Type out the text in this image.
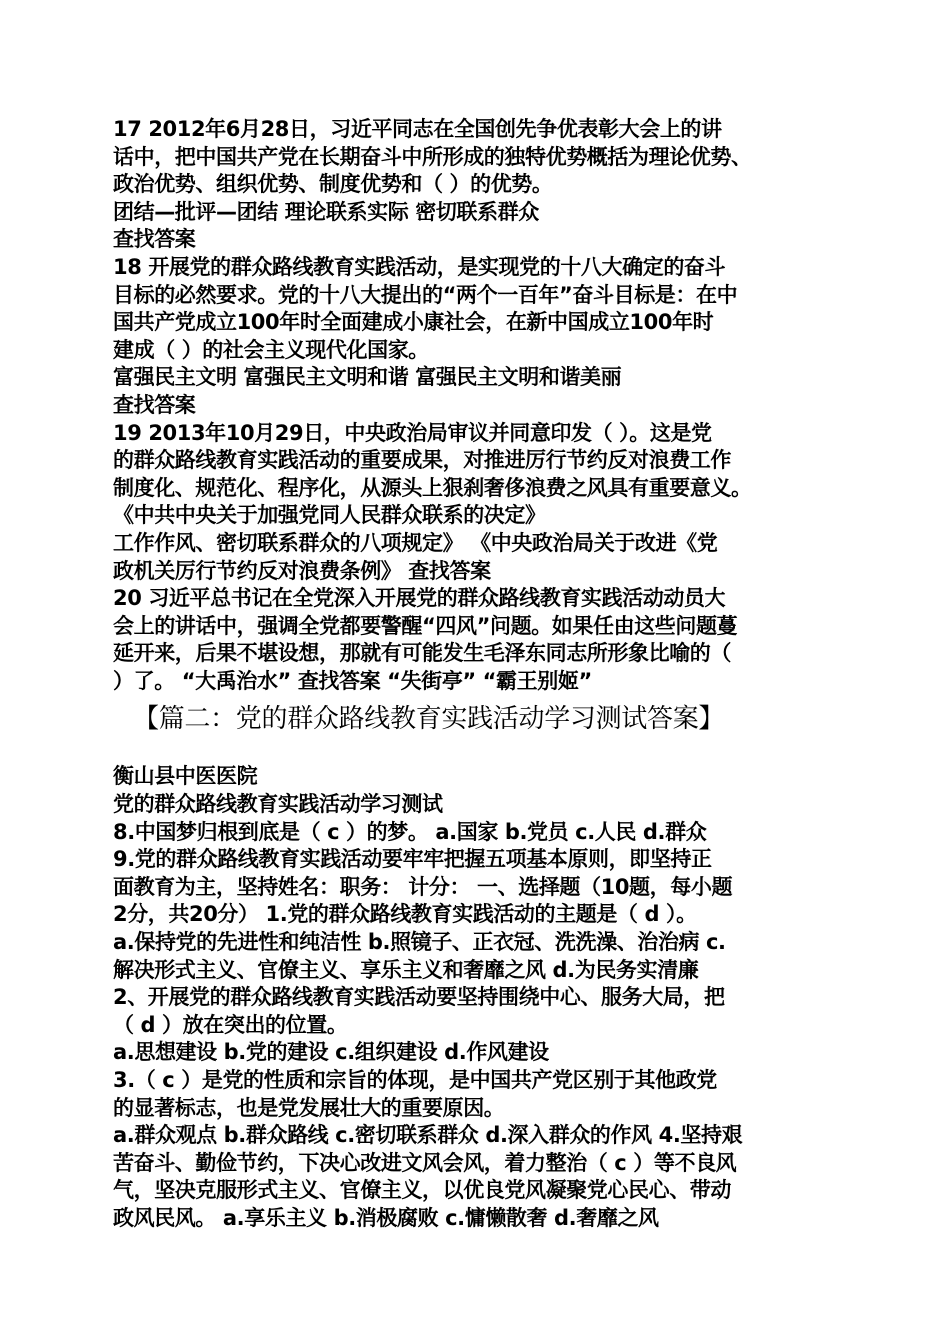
17 2012年6月28日，习近平同志在全国创先争优表彰大会上的讲
话中，把中国共产党在长期奋斗中所形成的独特优势概括为理论优势、
政治优势、组织优势、制度优势和（ ）的优势。
团结—批评—团结 理论联系实际 密切联系群众
查找答案
18 开展党的群众路线教育实践活动，是实现党的十八大确定的奋斗
目标的必然要求。党的十八大提出的“两个一百年”奋斗目标是：在中
国共产党成立100年时全面建成小康社会，在新中国成立100年时
建成（ ）的社会主义现代化国家。
富强民主文明 富强民主文明和谐 富强民主文明和谐美丽
查找答案
19 2013年10月29日，中央政治局审议并同意印发（ ）。这是党
的群众路线教育实践活动的重要成果，对推进厉行节约反对浪费工作
制度化、规范化、程序化，从源头上狠刹奢侈浪费之风具有重要意义。
《中共中央关于加强党同人民群众联系的决定》
工作作风、密切联系群众的八项规定》 《中央政治局关于改进《党
政机关厉行节约反对浪费条例》 查找答案
20 习近平总书记在全党深入开展党的群众路线教育实践活动动员大
会上的讲话中，强调全党都要警醒“四风”问题。如果任由这些问题蔓
延开来，后果不堪设想，那就有可能发生毛泽东同志所形象比喻的（
）了。 “大禹治水” 查找答案 “失街亭” “霸王别姬”
【篇二：党的群众路线教育实践活动学习测试答案】
衡山县中医医院
党的群众路线教育实践活动学习测试
8.中国梦归根到底是（ c ）的梦。 a.国家 b.党员 c.人民 d.群众
9.党的群众路线教育实践活动要牢牢把握五项基本原则，即坚持正
面教育为主，坚持姓名：职务： 计分： 一、选择题（10题，每小题
2分，共20分） 1.党的群众路线教育实践活动的主题是（ d ）。
a.保持党的先进性和纯洁性 b.照镜子、正衣冠、洗洗澡、治治病 c.
解决形式主义、官僚主义、享乐主义和奢靡之风 d.为民务实清廉
2、开展党的群众路线教育实践活动要坚持围绕中心、服务大局，把
（ d ）放在突出的位置。
a.思想建设 b.党的建设 c.组织建设 d.作风建设
3.（ c ）是党的性质和宗旨的体现，是中国共产党区别于其他政党
的显著标志，也是党发展壮大的重要原因。
a.群众观点 b.群众路线 c.密切联系群众 d.深入群众的作风 4.坚持艰
苦奋斗、勤俭节约，下决心改进文风会风，着力整治（ c ）等不良风
气，坚决克服形式主义、官僚主义，以优良党风凝聚党心民心、带动
政风民风。 a.享乐主义 b.消极腐败 c.慵懒散奢 d.奢靡之风
